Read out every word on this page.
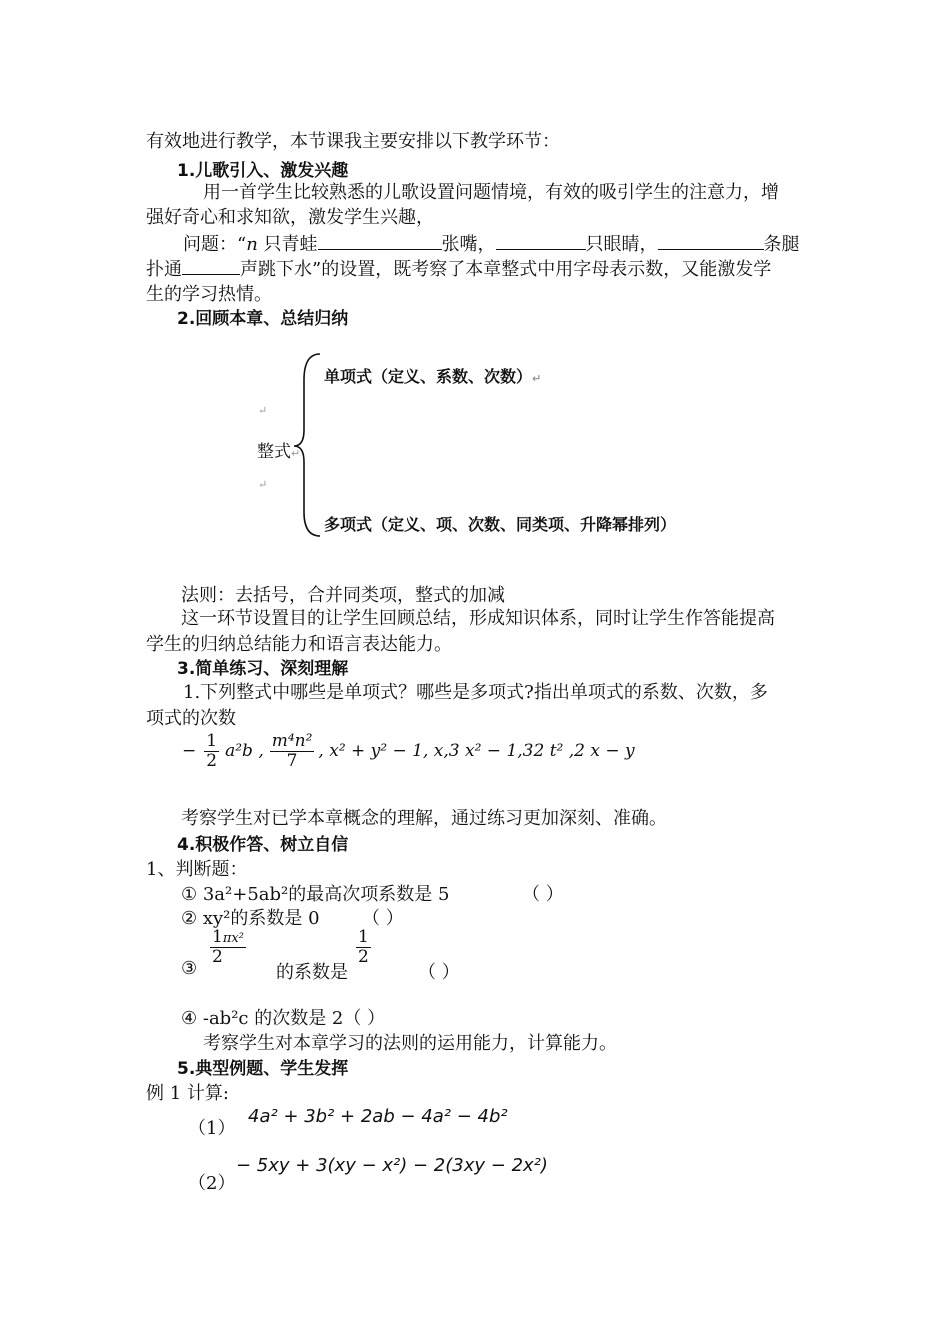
有效地进行教学，本节课我主要安排以下教学环节：
1.儿歌引入、激发兴趣
用一首学生比较熟悉的儿歌设置问题情境，有效的吸引学生的注意力，增
强好奇心和求知欲，激发学生兴趣，
问题：“n 只青蛙	张嘴，	只眼睛，	条腿
扑通	声跳下水”的设置，既考察了本章整式中用字母表示数，又能激发学
生的学习热情。
2.回顾本章、总结归纳
单项式（定义、系数、次数）↵
↵
整式↵
↵
多项式（定义、项、次数、同类项、升降幂排列）
法则：去括号，合并同类项，整式的加减
这一环节设置目的让学生回顾总结，形成知识体系，同时让学生作答能提高
学生的归纳总结能力和语言表达能力。
3.简单练习、深刻理解
1.下列整式中哪些是单项式？哪些是多项式?指出单项式的系数、次数，多
项式的次数
− $\frac{1}{2} a^2b$ , $\frac{\text{m⁴n²}}{7}$ , x² + y² − 1, x,3 x² − 1,32 t² ,2 x − y
考察学生对已学本章概念的理解，通过练习更加深刻、准确。
4.积极作答、树立自信
1、判断题：
① 3a²+5ab²的最高次项系数是 5	（ ）
② xy²的系数是 0 （ ）
③
$\frac{\text{1πx²}}{2}$
的系数是
$\frac{1}{2}$
（ ）
④ -ab²c 的次数是 2（ ）
考察学生对本章学习的法则的运用能力，计算能力。
5.典型例题、学生发挥
例 1 计算:
（1）
4a² + 3b² + 2ab − 4a² − 4b²
（2）
− 5xy + 3(xy − x²) − 2(3xy − 2x²)
